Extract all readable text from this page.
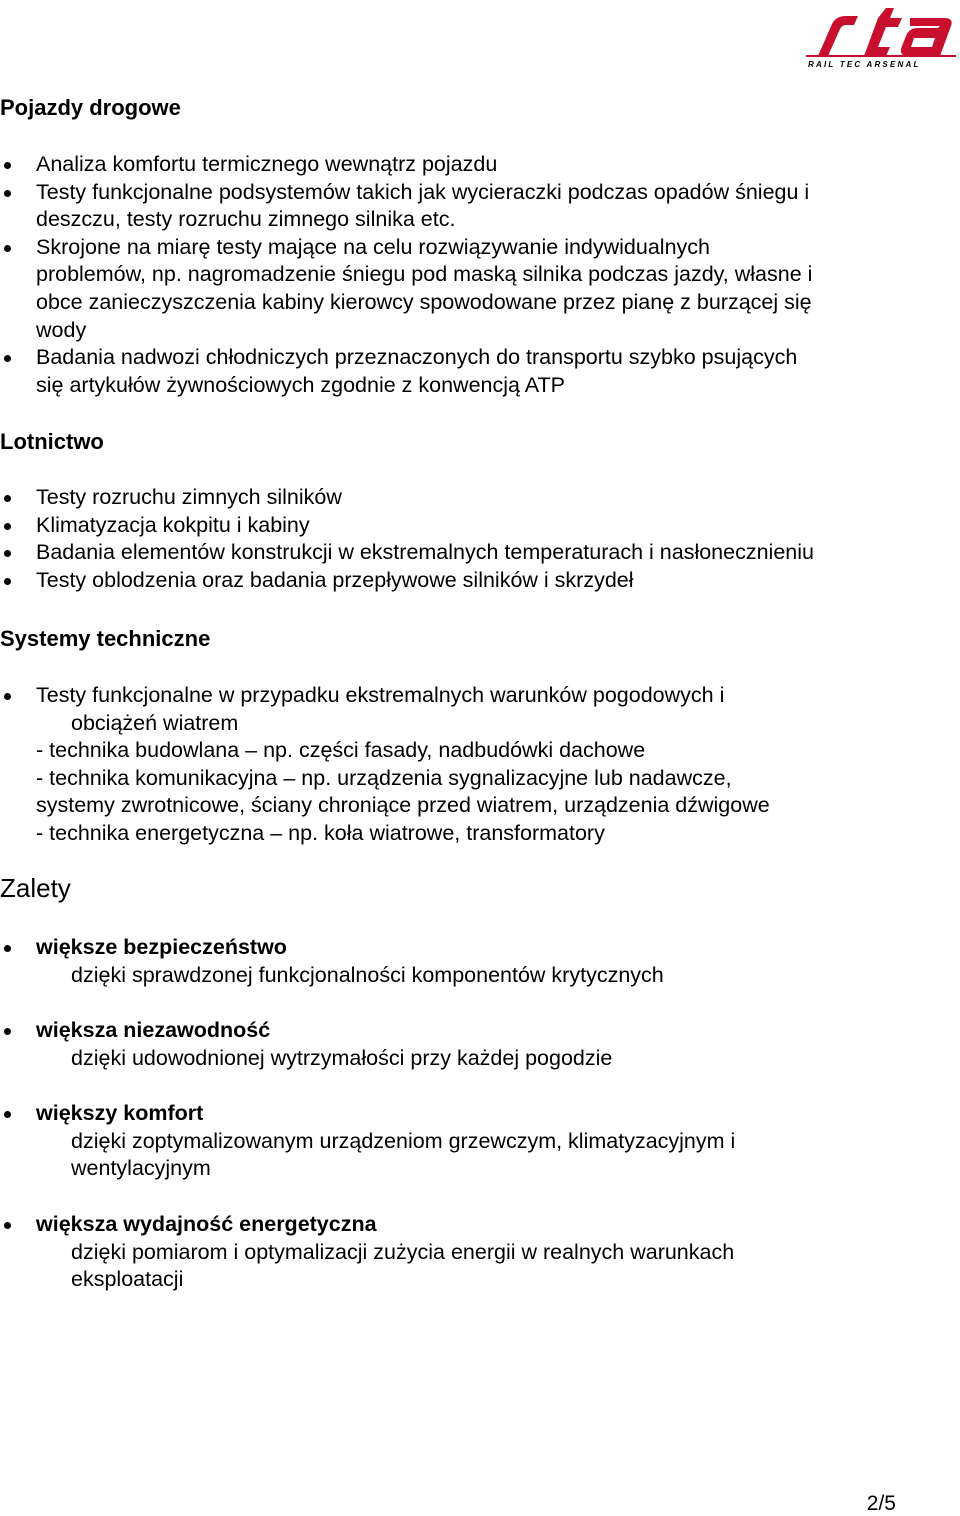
RAIL TEC ARSENAL
Pojazdy drogowe
Analiza komfortu termicznego wewnątrz pojazdu
Testy funkcjonalne podsystemów takich jak wycieraczki podczas opadów śniegu i
deszczu, testy rozruchu zimnego silnika etc.
Skrojone na miarę testy mające na celu rozwiązywanie indywidualnych
problemów, np. nagromadzenie śniegu pod maską silnika podczas jazdy, własne i
obce zanieczyszczenia kabiny kierowcy spowodowane przez pianę z burzącej się
wody
Badania nadwozi chłodniczych przeznaczonych do transportu szybko psujących
się artykułów żywnościowych zgodnie z konwencją ATP
Lotnictwo
Testy rozruchu zimnych silników
Klimatyzacja kokpitu i kabiny
Badania elementów konstrukcji w ekstremalnych temperaturach i nasłonecznieniu
Testy oblodzenia oraz badania przepływowe silników i skrzydeł
Systemy techniczne
Testy funkcjonalne w przypadku ekstremalnych warunków pogodowych i
obciążeń wiatrem
- technika budowlana – np. części fasady, nadbudówki dachowe
- technika komunikacyjna – np. urządzenia sygnalizacyjne lub nadawcze,
systemy zwrotnicowe, ściany chroniące przed wiatrem, urządzenia dźwigowe
- technika energetyczna – np. koła wiatrowe, transformatory
Zalety
większe bezpieczeństwo
dzięki sprawdzonej funkcjonalności komponentów krytycznych
większa niezawodność
dzięki udowodnionej wytrzymałości przy każdej pogodzie
większy komfort
dzięki zoptymalizowanym urządzeniom grzewczym, klimatyzacyjnym i
wentylacyjnym
większa wydajność energetyczna
dzięki pomiarom i optymalizacji zużycia energii w realnych warunkach
eksploatacji
2/5
